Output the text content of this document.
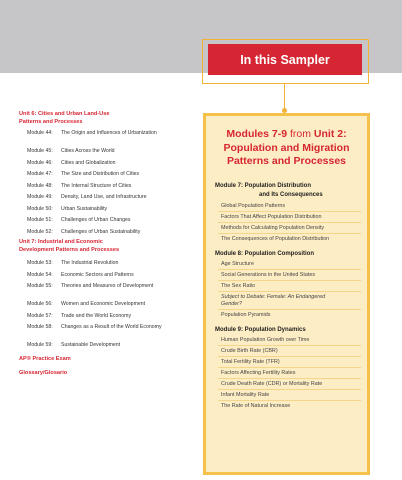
In this Sampler
Unit 6: Cities and Urban Land-Use
Patterns and Processes
Module 44: The Origin and Influences of Urbanization
Module 45: Cities Across the World
Module 46: Cities and Globalization
Module 47: The Size and Distribution of Cities
Module 48: The Internal Structure of Cities
Module 49: Density, Land Use, and Infrastructure
Module 50: Urban Sustainability
Module 51: Challenges of Urban Changes
Module 52: Challenges of Urban Sustainability
Unit 7: Industrial and Economic
Development Patterns and Processes
Module 53: The Industrial Revolution
Module 54: Economic Sectors and Patterns
Module 55: Theories and Measures of Development
Module 56: Women and Economic Development
Module 57: Trade and the World Economy
Module 58: Changes as a Result of the World Economy
Module 59: Sustainable Development
AP® Practice Exam
Glossary/Glosario
Modules 7-9 from Unit 2:
Population and Migration
Patterns and Processes
Module 7: Population Distribution
and Its Consequences
Global Population Patterns
Factors That Affect Population Distribution
Methods for Calculating Population Density
The Consequences of Population Distribution
Module 8: Population Composition
Age Structure
Social Generations in the United States
The Sex Ratio
Subject to Debate: Female: An Endangered Gender?
Population Pyramids
Module 9: Population Dynamics
Human Population Growth over Time
Crude Birth Rate (CBR)
Total Fertility Rate (TFR)
Factors Affecting Fertility Rates
Crude Death Rate (CDR) or Mortality Rate
Infant Mortality Rate
The Rate of Natural Increase
